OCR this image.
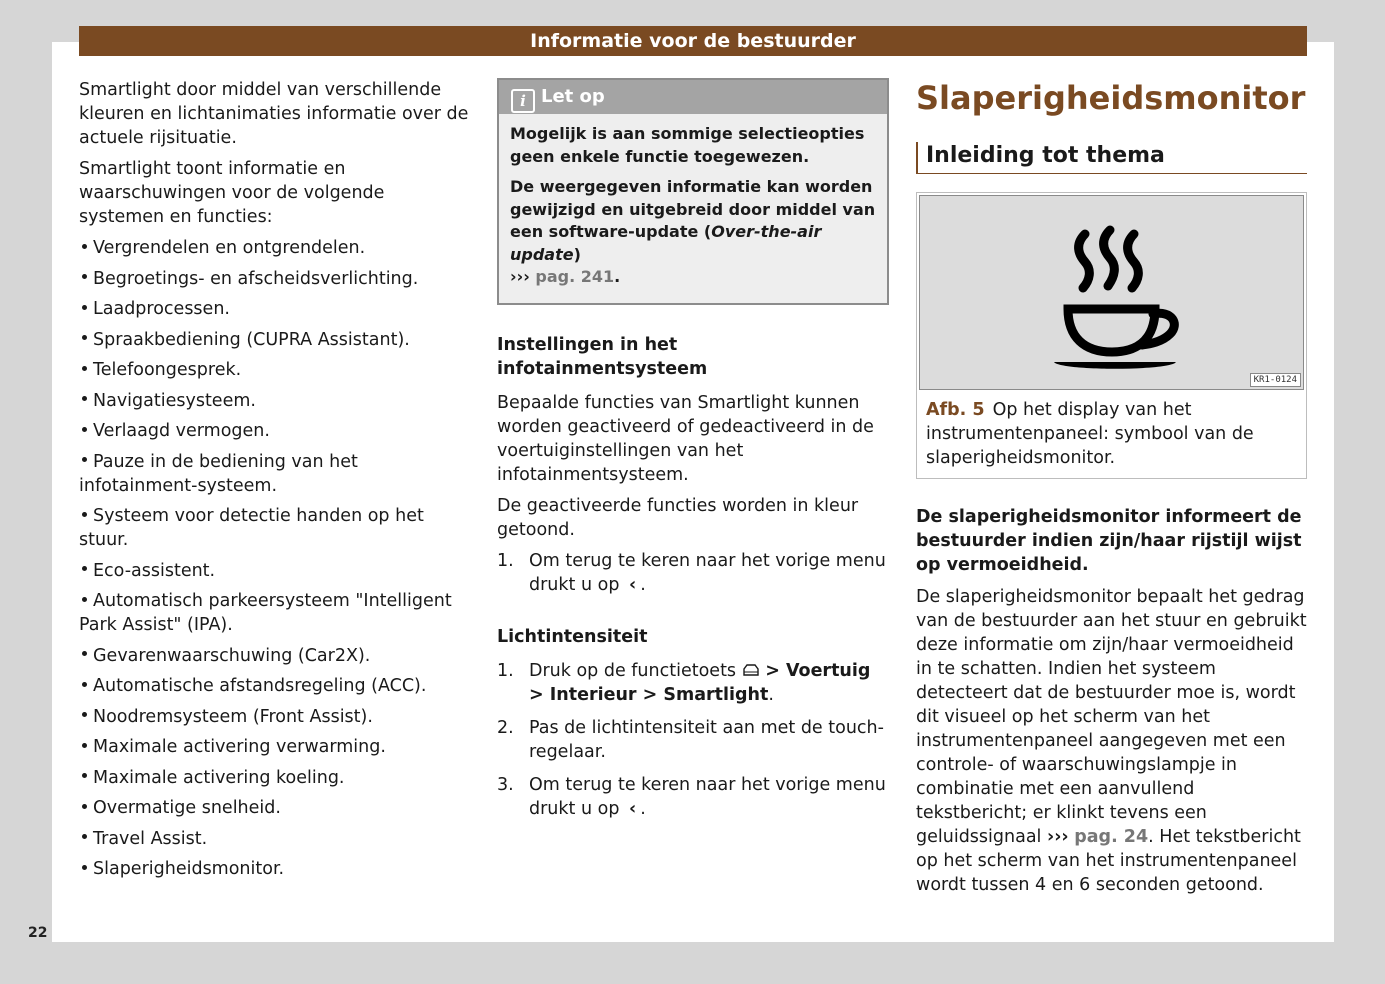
Informatie voor de bestuurder

Smartlight door middel van verschillende kleuren en lichtanimaties informatie over de actuele rijsituatie.

Smartlight toont informatie en waarschuwingen voor de volgende systemen en functies:

Vergrendelen en ontgrendelen.
Begroetings- en afscheidsverlichting.
Laadprocessen.
Spraakbediening (CUPRA Assistant).
Telefoongesprek.
Navigatiesysteem.
Verlaagd vermogen.
Pauze in de bediening van het infotainment-systeem.
Systeem voor detectie handen op het stuur.
Eco-assistent.
Automatisch parkeersysteem "Intelligent Park Assist" (IPA).
Gevarenwaarschuwing (Car2X).
Automatische afstandsregeling (ACC).
Noodremsysteem (Front Assist).
Maximale activering verwarming.
Maximale activering koeling.
Overmatige snelheid.
Travel Assist.
Slaperigheidsmonitor.
i Let op

Mogelijk is aan sommige selectieopties geen enkele functie toegewezen.

De weergegeven informatie kan worden gewijzigd en uitgebreid door middel van een software-update (Over-the-air update)
››› pag. 241.

Instellingen in het infotainmentsysteem

Bepaalde functies van Smartlight kunnen worden geactiveerd of gedeactiveerd in de voertuiginstellingen van het infotainmentsysteem.

De geactiveerde functies worden in kleur getoond.

1. Om terug te keren naar het vorige menu drukt u op ‹ .
Lichtintensiteit
1. Druk op de functietoets > Voertuig > Interieur > Smartlight.
2. Pas de lichtintensiteit aan met de touch-regelaar.
3. Om terug te keren naar het vorige menu drukt u op ‹ .
Slaperigheidsmonitor
Inleiding tot thema
KR1-0124
Afb. 5 Op het display van het instrumentenpaneel: symbool van de slaperigheidsmonitor.

De slaperigheidsmonitor informeert de bestuurder indien zijn/haar rijstijl wijst op vermoeidheid.

De slaperigheidsmonitor bepaalt het gedrag van de bestuurder aan het stuur en gebruikt deze informatie om zijn/haar vermoeidheid in te schatten. Indien het systeem detecteert dat de bestuurder moe is, wordt dit visueel op het scherm van het instrumentenpaneel aangegeven met een controle- of waarschuwingslampje in combinatie met een aanvullend tekstbericht; er klinkt tevens een geluidssignaal ››› pag. 24. Het tekstbericht op het scherm van het instrumentenpaneel wordt tussen 4 en 6 seconden getoond.

22
